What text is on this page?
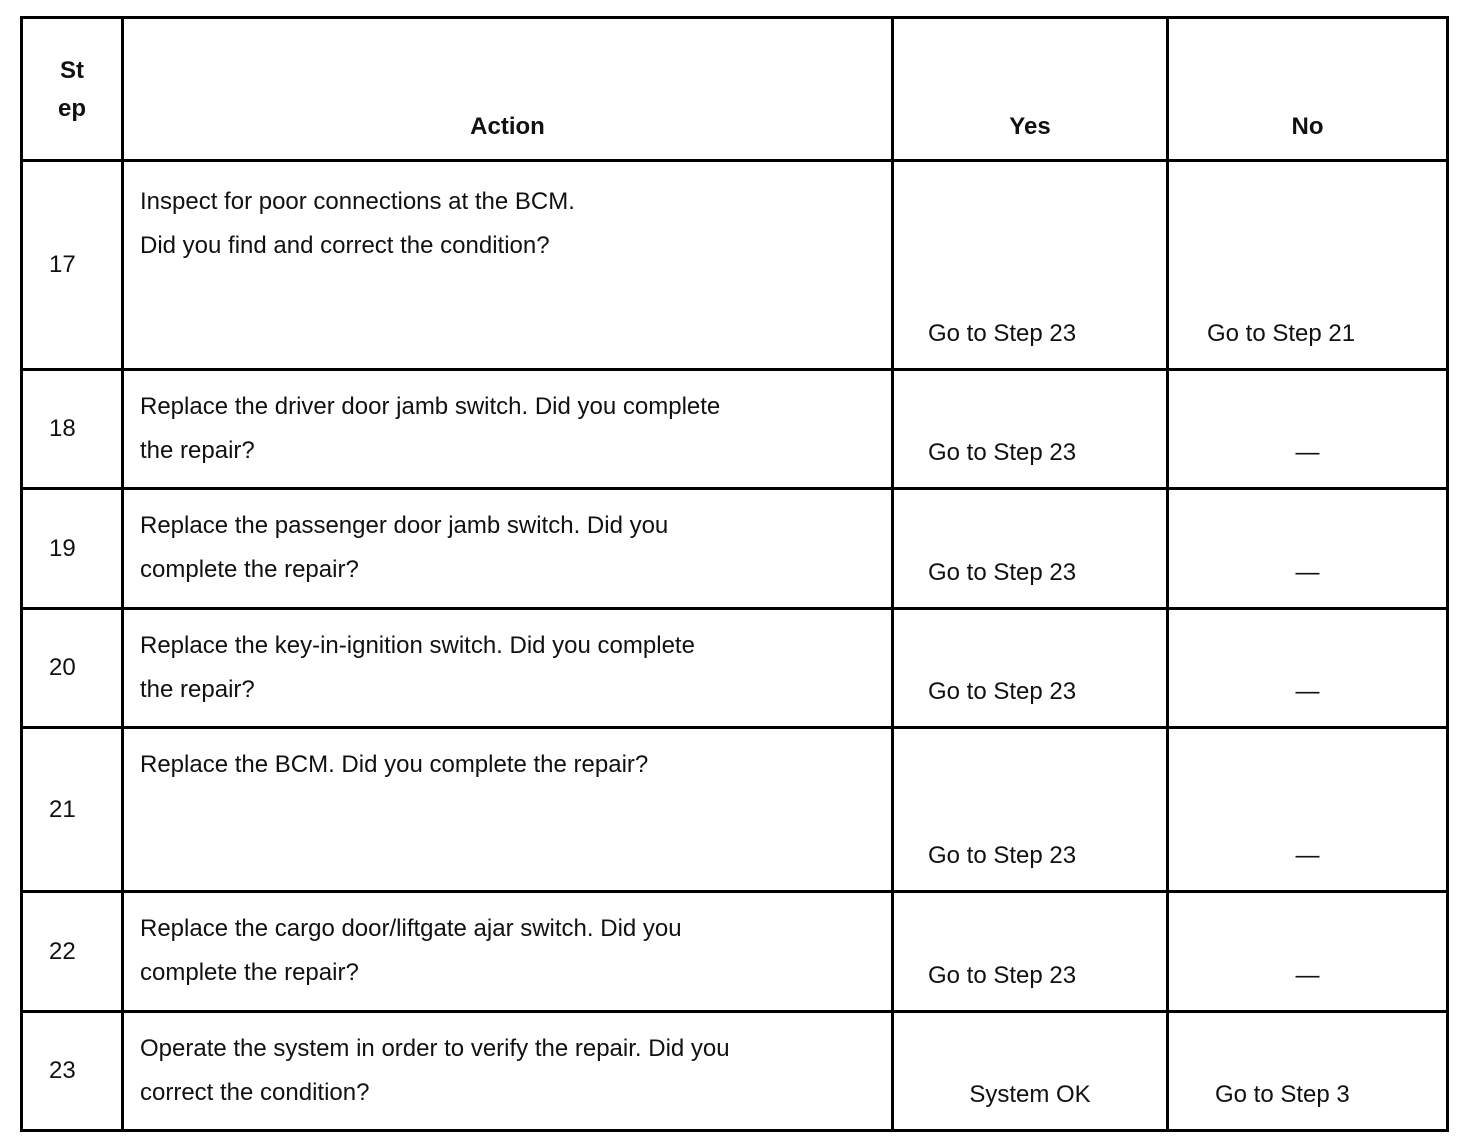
St
ep	Action	Yes	No
17	Inspect for poor connections at the BCM.

Did you find and correct the condition?	Go to Step 23	Go to Step 21
18	Replace the driver door jamb switch. Did you complete

the repair?	Go to Step 23	—
19	Replace the passenger door jamb switch. Did you

complete the repair?	Go to Step 23	—
20	Replace the key-in-ignition switch. Did you complete

the repair?	Go to Step 23	—
21	Replace the BCM. Did you complete the repair?	Go to Step 23	—
22	Replace the cargo door/liftgate ajar switch. Did you

complete the repair?	Go to Step 23	—
23	Operate the system in order to verify the repair. Did you

correct the condition?	System OK	Go to Step 3
